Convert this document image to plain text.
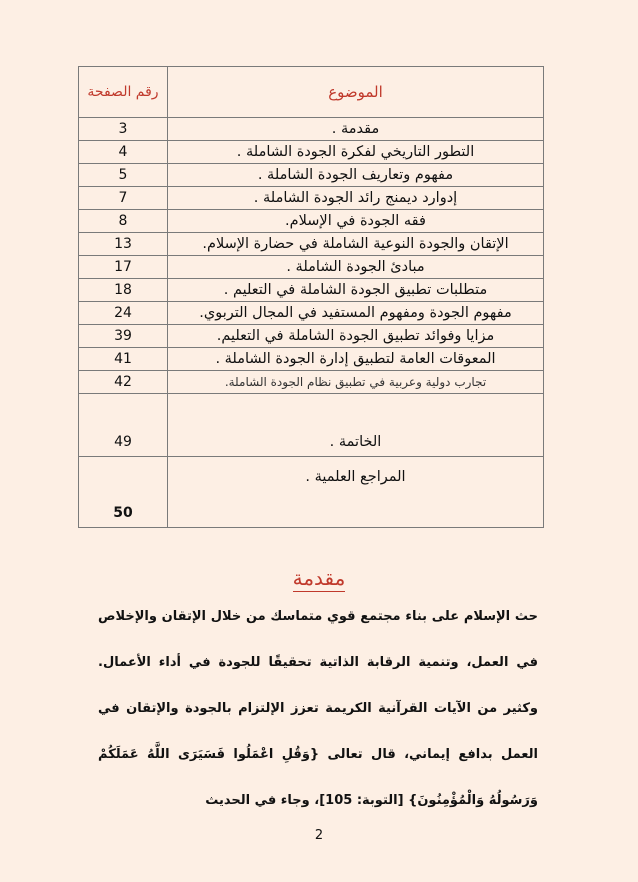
رقم الصفحة	الموضوع
3	مقدمة .
4	التطور التاريخي لفكرة الجودة الشاملة .
5	مفهوم وتعاريف الجودة الشاملة .
7	إدوارد ديمنج رائد الجودة الشاملة .
8	فقه الجودة في الإسلام.
13	الإتقان والجودة النوعية الشاملة في حضارة الإسلام.
17	مبادئ الجودة الشاملة .
18	متطلبات تطبيق الجودة الشاملة في التعليم .
24	مفهوم الجودة ومفهوم المستفيد في المجال التربوي.
39	مزايا وفوائد تطبيق الجودة الشاملة في التعليم.
41	المعوقات العامة لتطبيق إدارة الجودة الشاملة .
42	تجارب دولية وعربية في تطبيق نظام الجودة الشاملة.
49	الخاتمة .
50	المراجع العلمية .
مقدمة

حث الإسلام على بناء مجتمع قوي متماسك من خلال الإتقان والإخلاص في العمل، وتنمية الرقابة الذاتية تحقيقًا للجودة في أداء الأعمال. وكثير من الآيات القرآنية الكريمة تعزز الإلتزام بالجودة والإتقان في العمل بدافع إيماني، قال تعالى {وَقُلِ اعْمَلُوا فَسَيَرَى اللَّهُ عَمَلَكُمْ وَرَسُولُهُ وَالْمُؤْمِنُونَ} [التوبة: 105]، وجاء في الحديث

2
